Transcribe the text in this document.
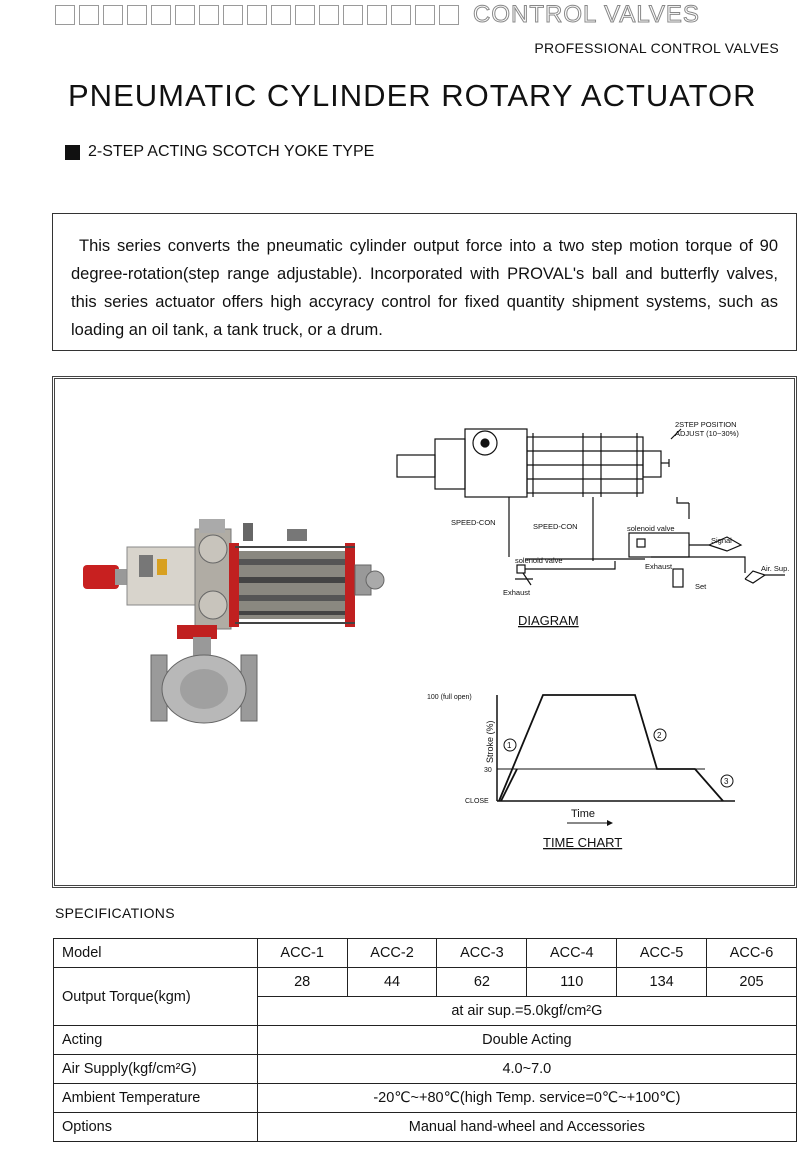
CONTROL VALVES
PROFESSIONAL CONTROL VALVES
PNEUMATIC CYLINDER ROTARY ACTUATOR
2-STEP ACTING SCOTCH YOKE TYPE

This series converts the pneumatic cylinder output force into a two step motion torque of 90 degree-rotation(step range adjustable). Incorporated with PROVAL's ball and butterfly valves, this series actuator offers high accyracy control for fixed quantity shipment systems, such as loading an oil tank, a tank truck, or a drum.

2STEP POSITION
ADJUST (10~30%)
SPEED-CON	SPEED-CON	solenoid valve
solenoid valve
Signal
Exhaust
Exhaust	Air. Sup.
Set
DIAGRAM
1
2
3
100 (full open)
30
CLOSE
Stroke (%)
Time
TIME CHART
SPECIFICATIONS
Model	ACC-1	ACC-2	ACC-3	ACC-4	ACC-5	ACC-6
Output Torque(kgm)	28	44	62	110	134	205
	at air sup.=5.0kgf/cm²G					
Acting	Double Acting					
Air Supply(kgf/cm²G)	4.0~7.0					
Ambient Temperature	-20℃~+80℃(high Temp. service=0℃~+100℃)					
Options	Manual hand-wheel and Accessories					
